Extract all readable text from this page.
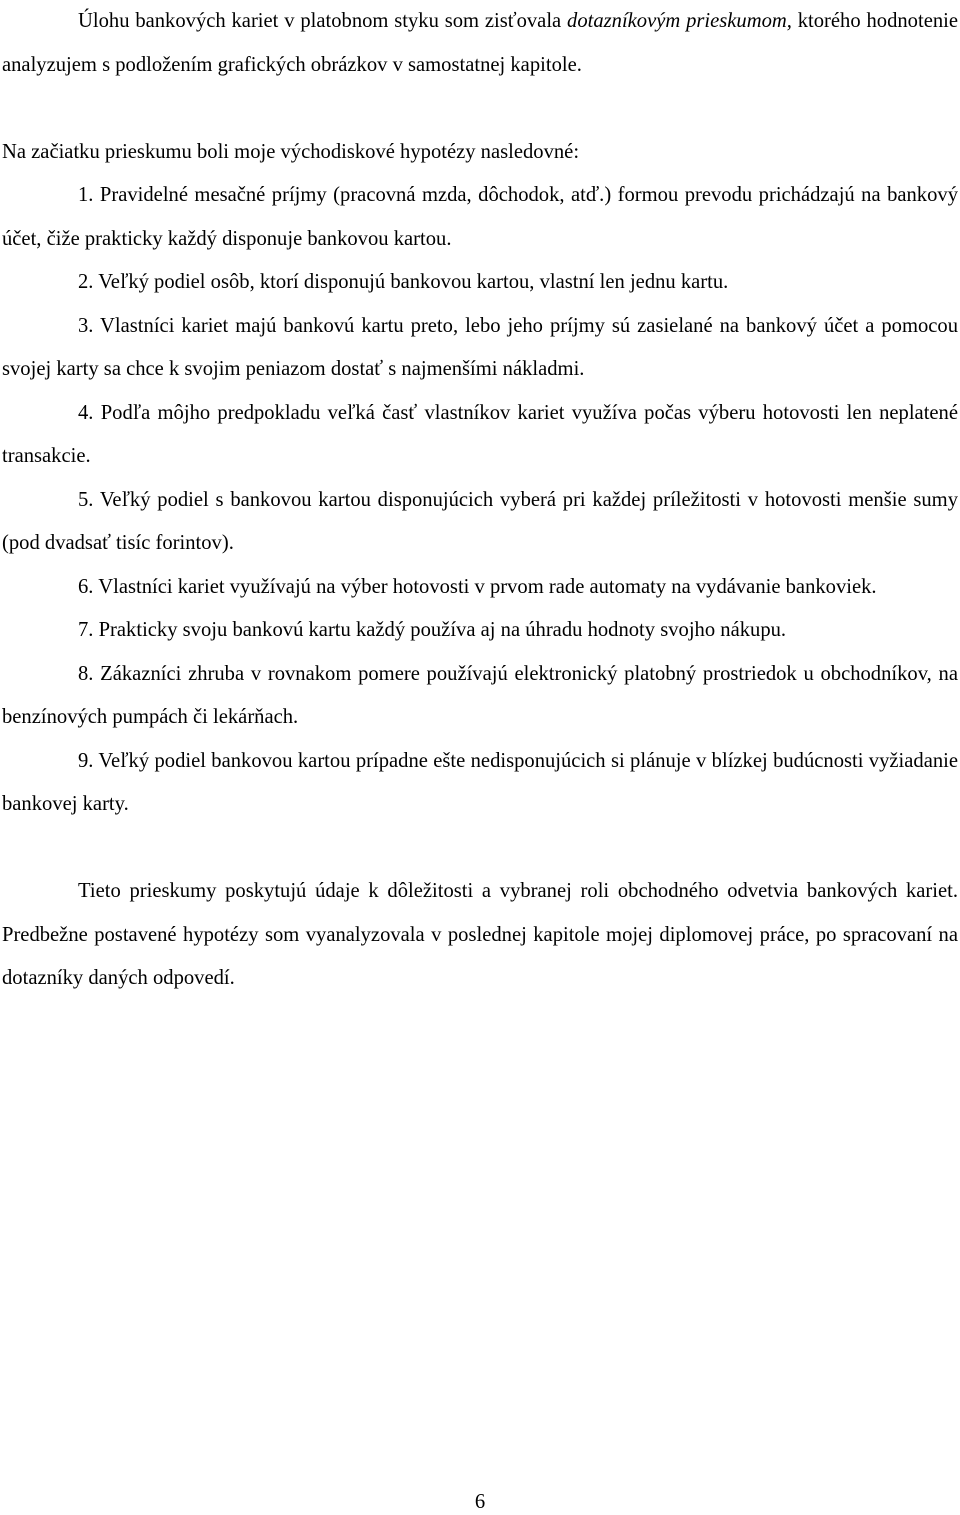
Úlohu bankových kariet v platobnom styku som zisťovala dotazníkovým prieskumom, ktorého hodnotenie analyzujem s podložením grafických obrázkov v samostatnej kapitole.

Na začiatku prieskumu boli moje východiskové hypotézy nasledovné:

1. Pravidelné mesačné príjmy (pracovná mzda, dôchodok, atď.) formou prevodu prichádzajú na bankový účet, čiže prakticky každý disponuje bankovou kartou.

2. Veľký podiel osôb, ktorí disponujú bankovou kartou, vlastní len jednu kartu.

3. Vlastníci kariet majú bankovú kartu preto, lebo jeho príjmy sú zasielané na bankový účet a pomocou svojej karty sa chce k svojim peniazom dostať s najmenšími nákladmi.

4. Podľa môjho predpokladu veľká časť vlastníkov kariet využíva počas výberu hotovosti len neplatené transakcie.

5. Veľký podiel s bankovou kartou disponujúcich vyberá pri každej príležitosti v hotovosti menšie sumy (pod dvadsať tisíc forintov).

6. Vlastníci kariet využívajú na výber hotovosti v prvom rade automaty na vydávanie bankoviek.

7. Prakticky svoju bankovú kartu každý používa aj na úhradu hodnoty svojho nákupu.

8. Zákazníci zhruba v rovnakom pomere používajú elektronický platobný prostriedok u obchodníkov, na benzínových pumpách či lekárňach.

9. Veľký podiel bankovou kartou prípadne ešte nedisponujúcich si plánuje v blízkej budúcnosti vyžiadanie bankovej karty.

Tieto prieskumy poskytujú údaje k dôležitosti a vybranej roli obchodného odvetvia bankových kariet. Predbežne postavené hypotézy som vyanalyzovala v poslednej kapitole mojej diplomovej práce, po spracovaní na dotazníky daných odpovedí.

6
